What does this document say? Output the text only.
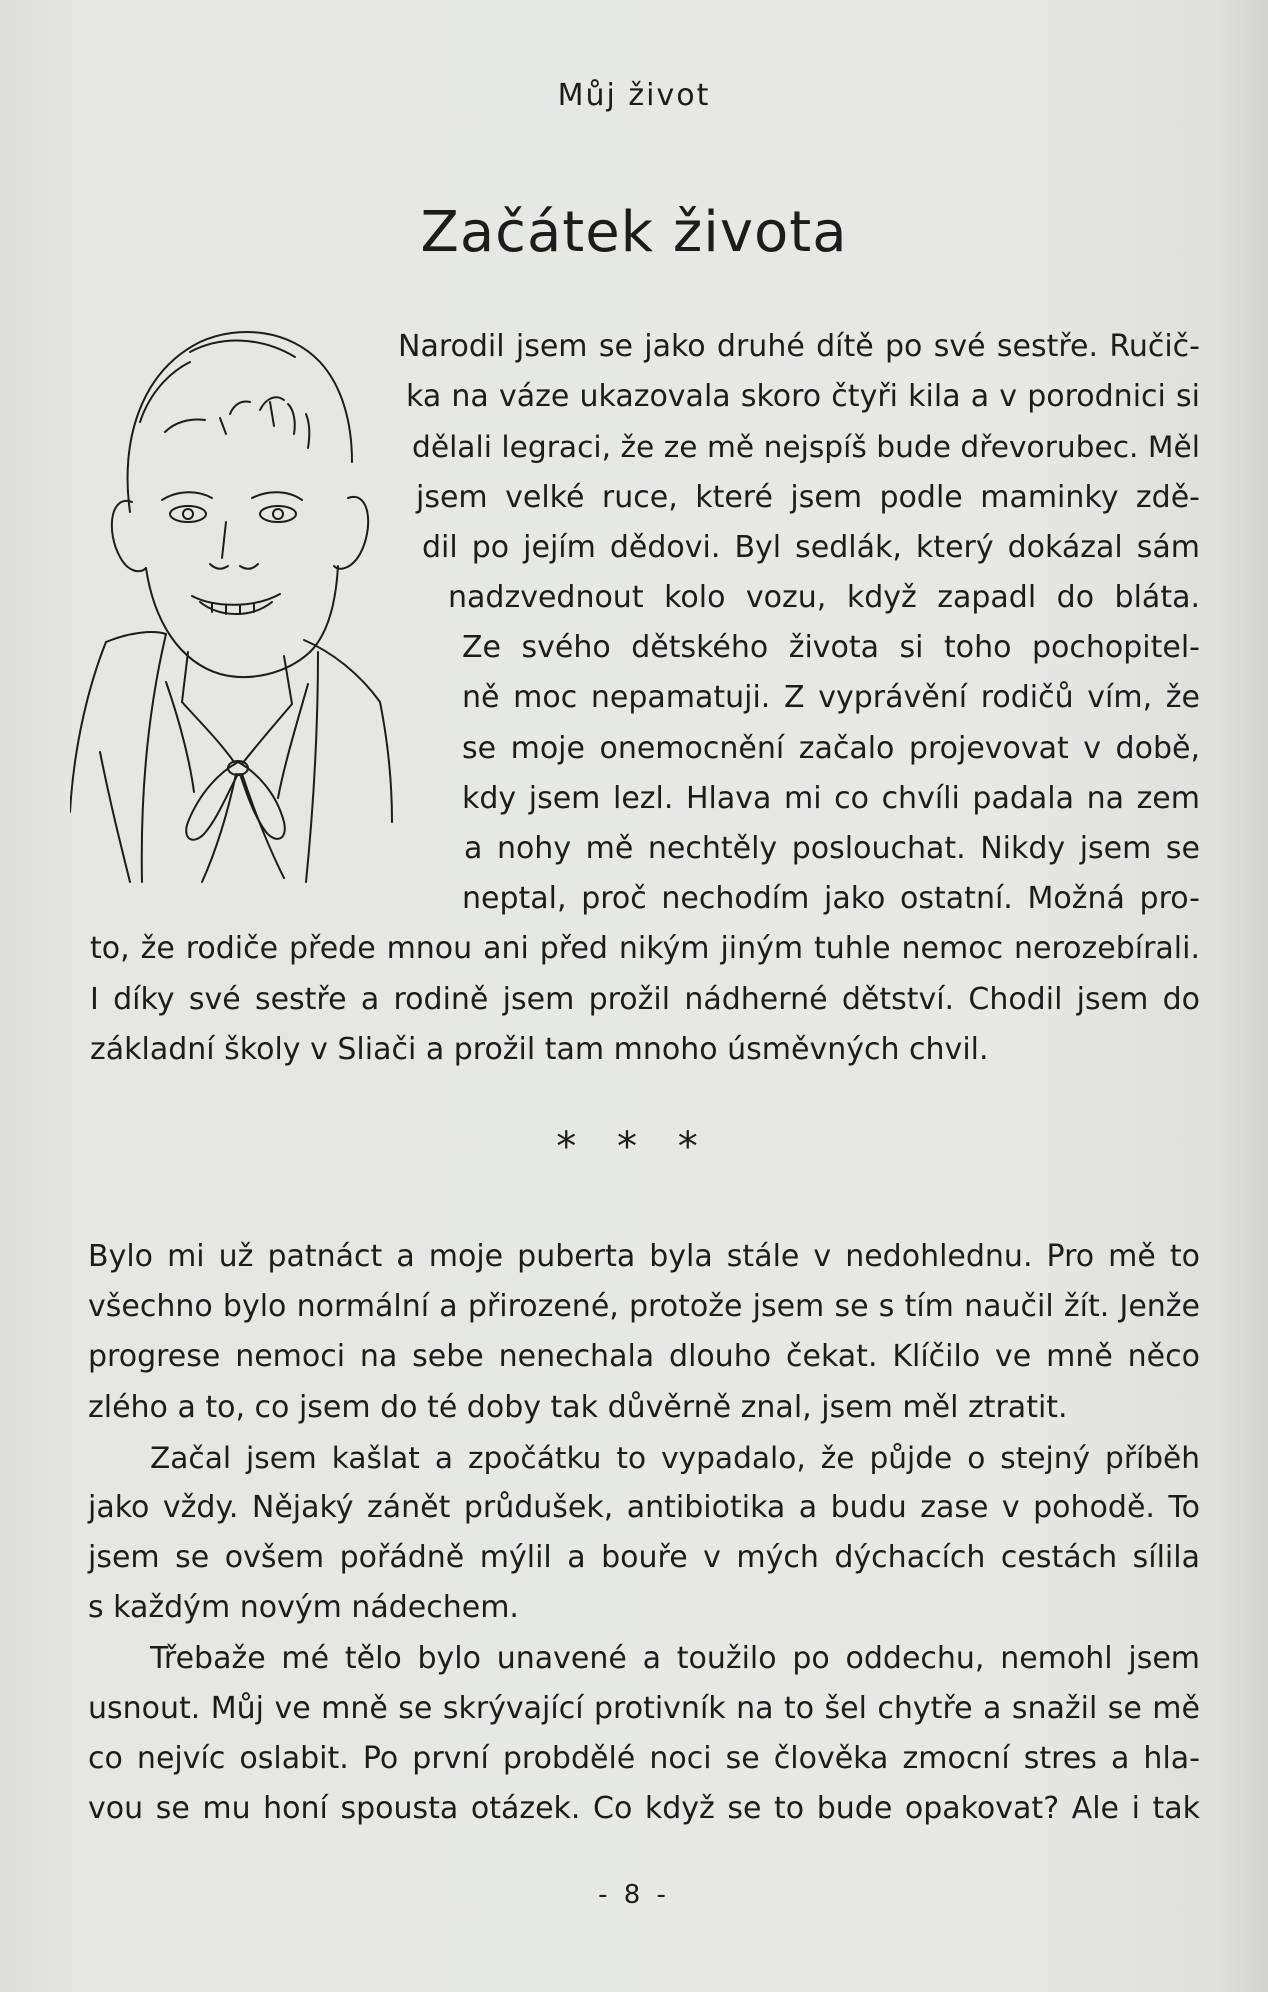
Můj život
Začátek života
Narodil jsem se jako druhé dítě po své sestře. Ručič-
ka na váze ukazovala skoro čtyři kila a v porodnici si
dělali legraci, že ze mě nejspíš bude dřevorubec. Měl
jsem velké ruce, které jsem podle maminky zdě-
dil po jejím dědovi. Byl sedlák, který dokázal sám
nadzvednout kolo vozu, když zapadl do bláta.
Ze svého dětského života si toho pochopitel-
ně moc nepamatuji. Z vyprávění rodičů vím, že
se moje onemocnění začalo projevovat v době,
kdy jsem lezl. Hlava mi co chvíli padala na zem
a nohy mě nechtěly poslouchat. Nikdy jsem se
neptal, proč nechodím jako ostatní. Možná pro-
to, že rodiče přede mnou ani před nikým jiným tuhle nemoc nerozebírali.
I díky své sestře a rodině jsem prožil nádherné dětství. Chodil jsem do
základní školy v Sliači a prožil tam mnoho úsměvných chvil.
* * *

Bylo mi už patnáct a moje puberta byla stále v nedohlednu. Pro mě to
všechno bylo normální a přirozené, protože jsem se s tím naučil žít. Jenže
progrese nemoci na sebe nenechala dlouho čekat. Klíčilo ve mně něco
zlého a to, co jsem do té doby tak důvěrně znal, jsem měl ztratit.

Začal jsem kašlat a zpočátku to vypadalo, že půjde o stejný příběh
jako vždy. Nějaký zánět průdušek, antibiotika a budu zase v pohodě. To
jsem se ovšem pořádně mýlil a bouře v mých dýchacích cestách sílila
s každým novým nádechem.

Třebaže mé tělo bylo unavené a toužilo po oddechu, nemohl jsem
usnout. Můj ve mně se skrývající protivník na to šel chytře a snažil se mě
co nejvíc oslabit. Po první probdělé noci se člověka zmocní stres a hla-
vou se mu honí spousta otázek. Co když se to bude opakovat? Ale i tak

- 8 -
